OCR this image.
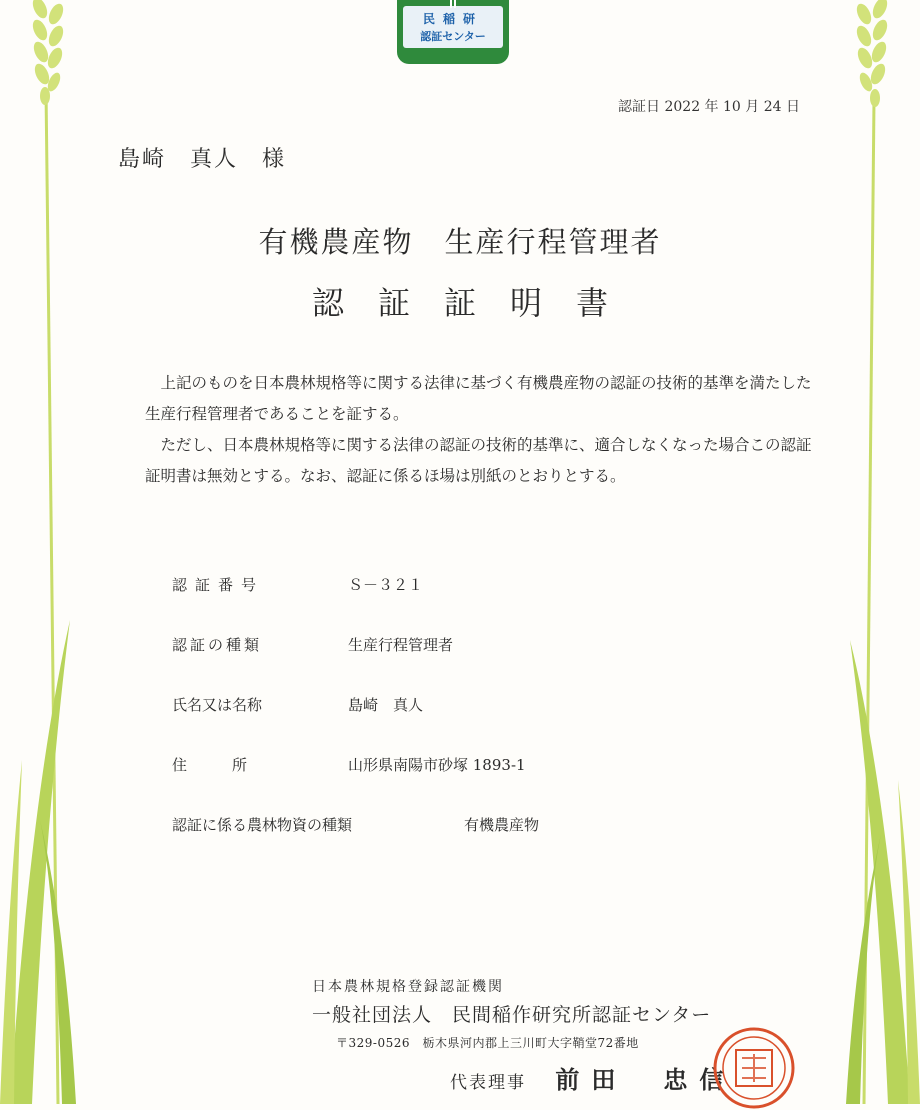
民稲研
認証センター
認証日 2022 年 10 月 24 日
島崎　真人　様
有機農産物　生産行程管理者
認証証明書

上記のものを日本農林規格等に関する法律に基づく有機農産物の認証の技術的基準を満たした生産行程管理者であることを証する。

ただし、日本農林規格等に関する法律の認証の技術的基準に、適合しなくなった場合この認証証明書は無効とする。なお、認証に係るほ場は別紙のとおりとする。

認証番号	Ｓ－３２１
認証の種類	生産行程管理者
氏名又は名称	島崎　真人
住　　　所	山形県南陽市砂塚 1893-1
認証に係る農林物資の種類	有機農産物
日本農林規格登録認証機関
一般社団法人　民間稲作研究所認証センター
〒329-0526　栃木県河内郡上三川町大字鞘堂72番地
代表理事 前田　忠信
